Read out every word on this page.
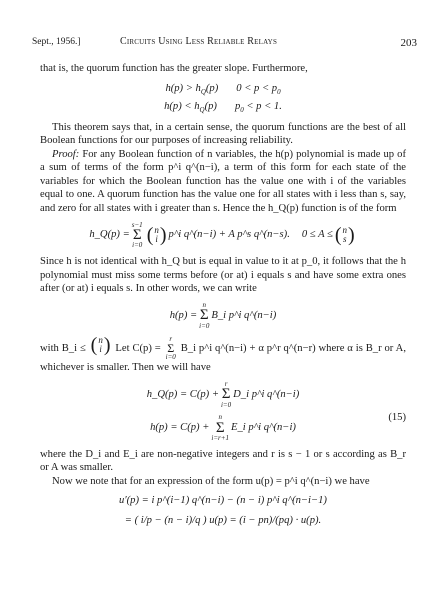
Sept., 1956.]	Circuits Using Less Reliable Relays	203

that is, the quorum function has the greater slope. Furthermore,

$h(p) > h_Q(p) 0 < p < p_0$
$h(p) < h_Q(p) p_0 < p < 1$.

This theorem says that, in a certain sense, the quorum functions are the best of all Boolean functions for our purposes of increasing reliability.

Proof: For any Boolean function of n variables, the h(p) polynomial is made up of a sum of terms of the form p^i q^(n−i), a term of this form for each state of the variables for which the Boolean function has the value one with i of the variables equal to one. A quorum function has the value one for all states with i less than s, say, and zero for all states with i greater than s. Hence the h_Q(p) function is of the form

h_Q(p) =
s−1
Σ
i=0 ( n
i ) p^i q^(n−i) + A p^s q^(n−s). 0 ≤ A ≤ ( n
s )

Since h is not identical with h_Q but is equal in value to it at p_0, it follows that the h polynomial must miss some terms before (or at) i equals s and have some extra ones after (or at) i equals s. In other words, we can write

h(p) =
n
Σ
i=0
B_i p^i q^(n−i)

with B_i ≤ ( n
i ) Let C(p) =
r
Σ
i=0
B_i p^i q^(n−i) + α p^r q^(n−r) where α is B_r or A, whichever is smaller. Then we will have

h_Q(p) = C(p) +
r
Σ
i=0
D_i p^i q^(n−i)
(15)
h(p) = C(p) +
n
Σ
i=r+1
E_i p^i q^(n−i)

where the D_i and E_i are non-negative integers and r is s − 1 or s according as B_r or A was smaller.

Now we note that for an expression of the form u(p) = p^i q^(n−i) we have

u′(p) = i p^(i−1) q^(n−i) − (n − i) p^i q^(n−i−1)
= ( i/p − (n − i)/q ) u(p) = (i − pn)/(pq) · u(p).
